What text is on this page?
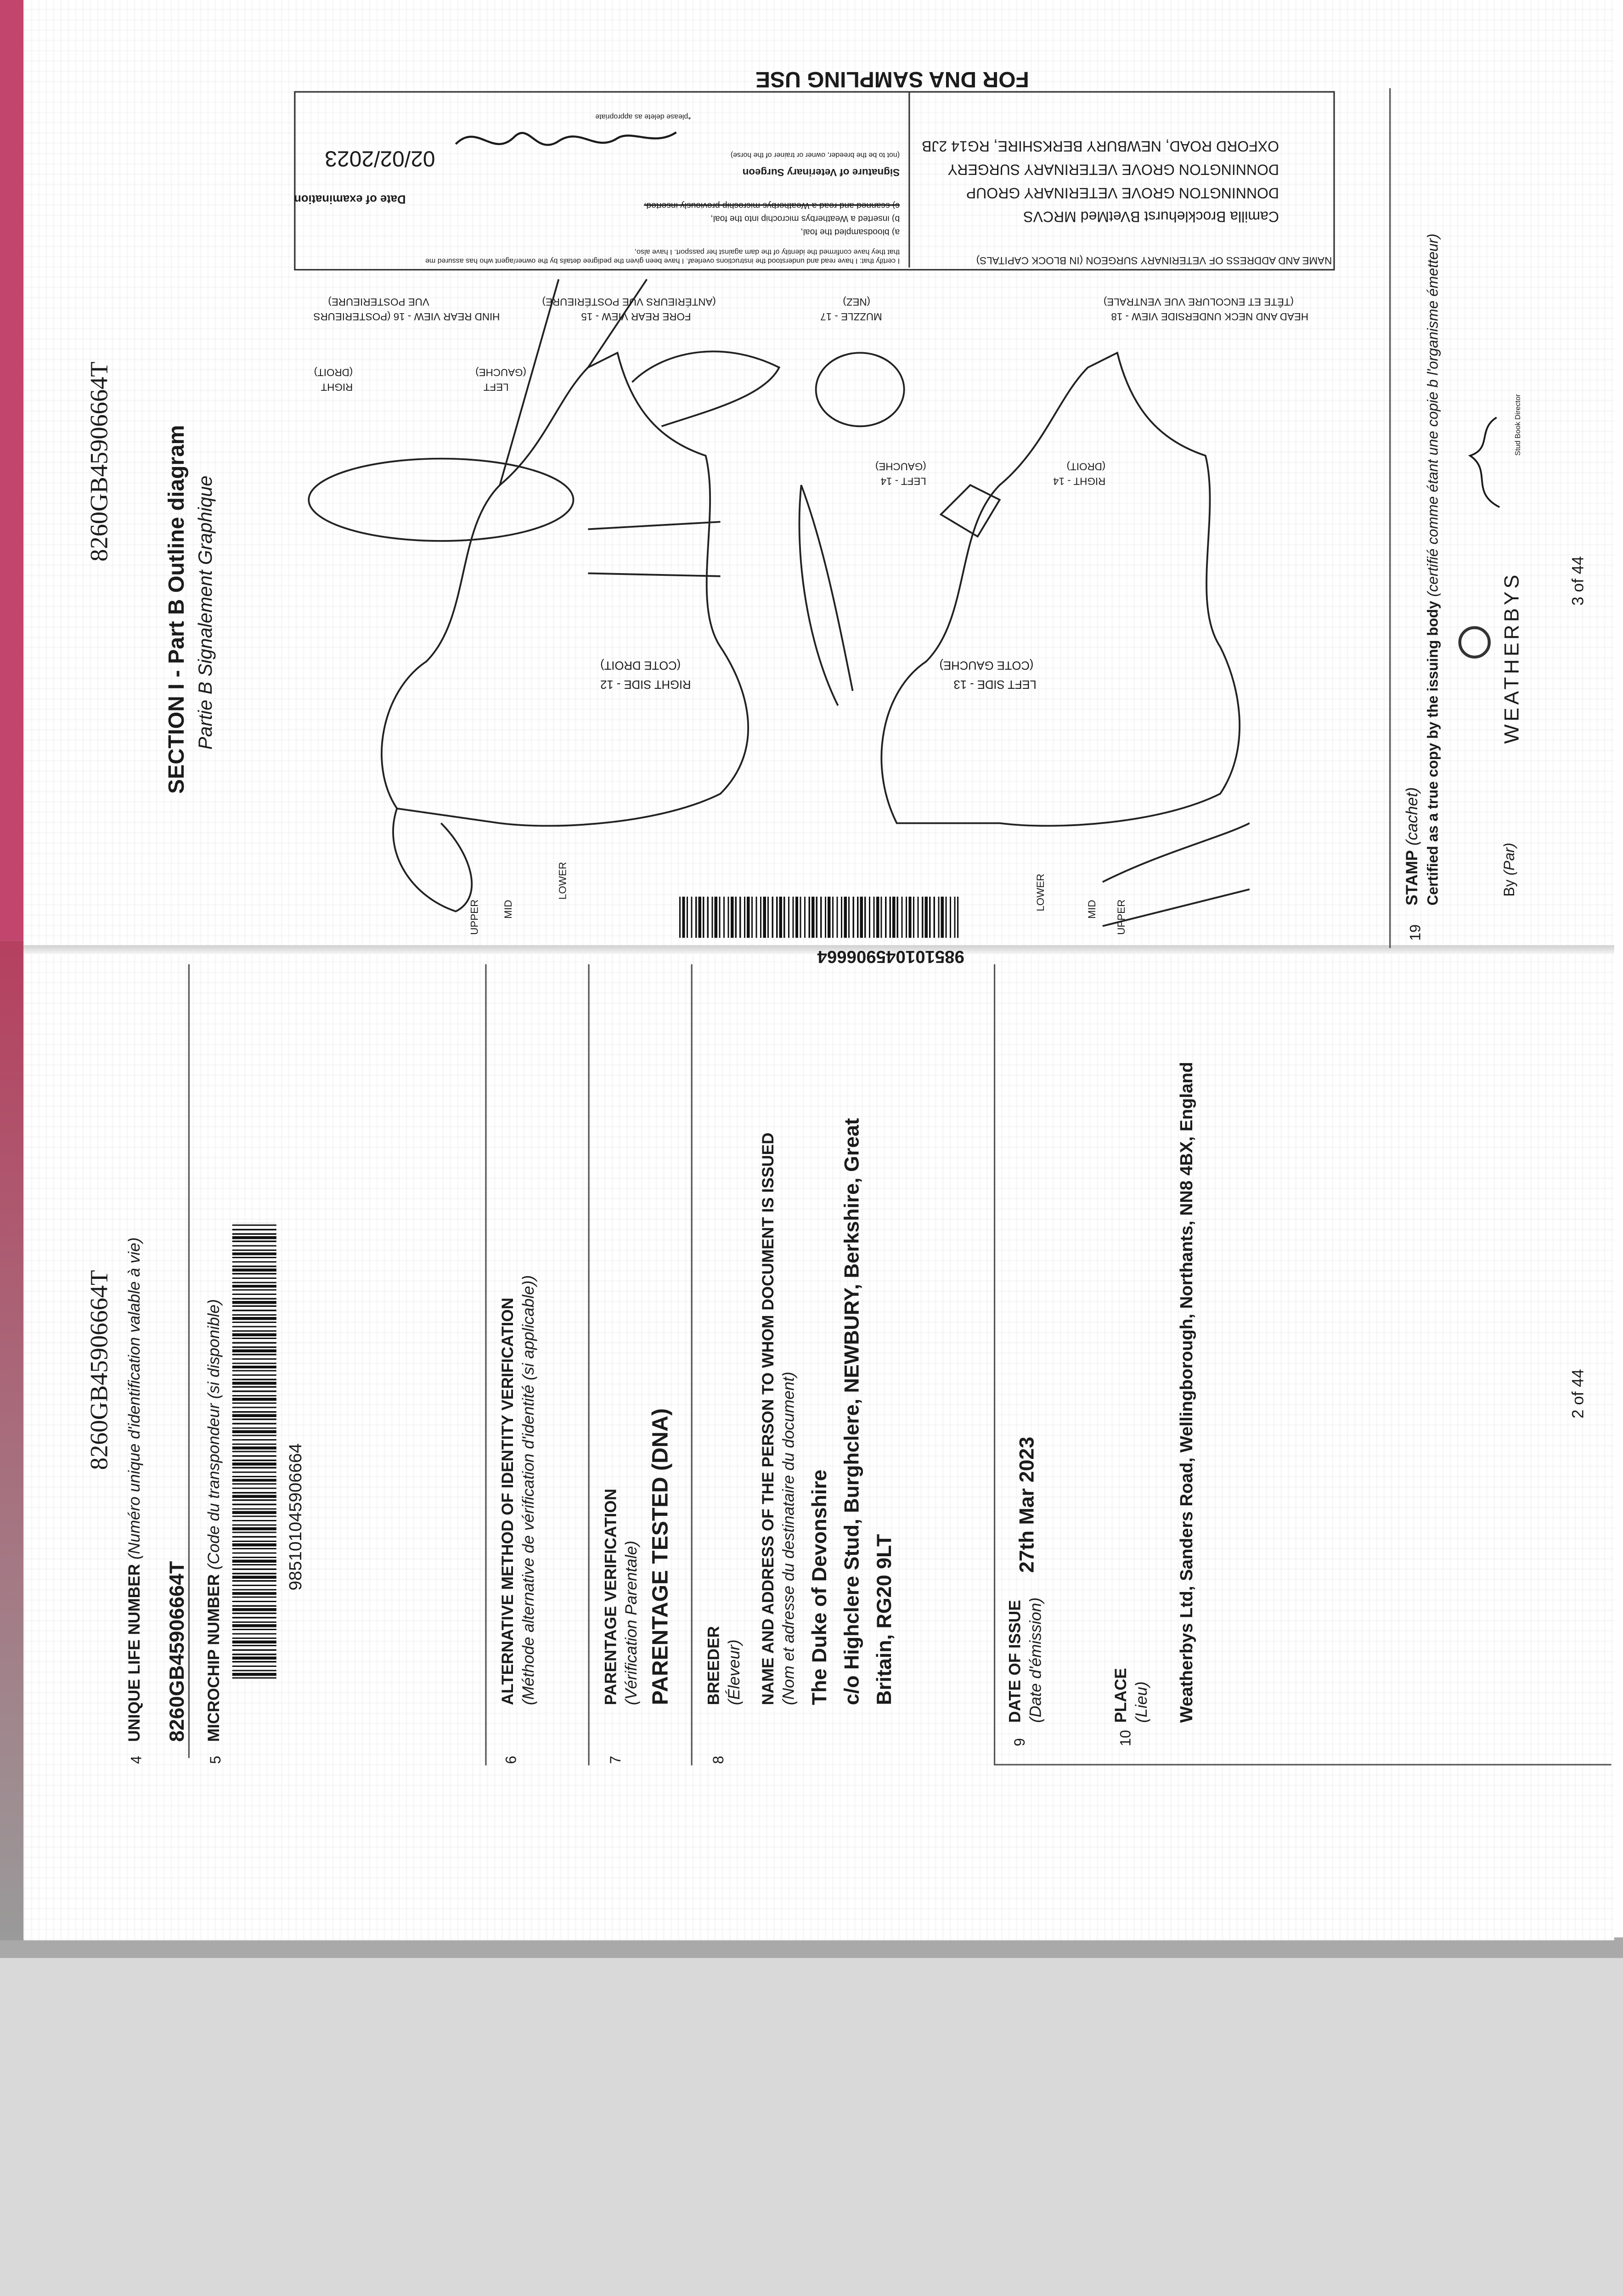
8260GB45906664T
4
UNIQUE LIFE NUMBER (Numéro unique d'identification valable à vie)
8260GB45906664T
5
MICROCHIP NUMBER (Code du transpondeur (si disponible)	985101045906664
6
ALTERNATIVE METHOD OF IDENTITY VERIFICATION (Méthode alternative de vérification d'identité (si applicable))
7
PARENTAGE VERIFICATION (Vérification Parentale) PARENTAGE TESTED (DNA)
8
BREEDER (Éleveur)	NAME AND ADDRESS OF THE PERSON TO WHOM DOCUMENT IS ISSUED (Nom et adresse du destinataire du document) The Duke of Devonshire c/o Highclere Stud, Burghclere, NEWBURY, Berkshire, Great Britain, RG20 9LT
9
DATE OF ISSUE (Date d'émission)
27th Mar 2023
10
PLACE (Lieu)	Weatherbys Ltd, Sanders Road, Wellingborough, Northants, NN8 4BX, England	2 of 44
8260GB45906664T	SECTION I - Part B Outline diagram Partie B Signalement Graphique	RIGHT SIDE - 12
(COTE DROIT)
LEFT SIDE - 13
(COTE GAUCHE)
HIND REAR VIEW - 16 (POSTERIEURS
VUE POSTERIEURE)
FORE REAR VIEW - 15
(ANTÉRIEURS VUE POSTÉRIEURE)
MUZZLE - 17
(NEZ)
HEAD AND NECK UNDERSIDE VIEW - 18
(TÊTE ET ENCOLURE VUE VENTRALE)
LEFT - 14
(GAUCHE)
RIGHT - 14
(DROIT)
RIGHT
(DROIT)
LEFT
(GAUCHE)
UPPER	MID
LOWER
UPPER
MID
LOWER
985101045906664
NAME AND ADDRESS OF VETERINARY SURGEON (IN BLOCK CAPITALS)
Camilla Brocklehurst BVetMed MRCVS
DONNINGTON GROVE VETERINARY GROUP
DONNINGTON GROVE VETERINARY SURGERY
OXFORD ROAD, NEWBURY BERKSHIRE, RG14 2JB
I certify that: I have read and understood the instructions overleaf. I have been given the pedigree details by the owner/agent who has assured me that they have confirmed the identity of the dam against her passport. I have also,
a) bloodsampled the foal,
b) inserted a Weatherbys microchip into the foal,
c) scanned and read a Weatherbys microchip previously inserted.
Date of examination
Signature of Veterinary Surgeon
(not to be the breeder, owner or trainer of the horse)
02/02/2023
*please delete as appropriate
FOR DNA SAMPLING USE
19
STAMP (cachet) Certified as a true copy by the issuing body (certifié comme étant une copie b l'organisme émetteur)
By (Par)
WEATHERBYS
Stud Book Director
3 of 44
